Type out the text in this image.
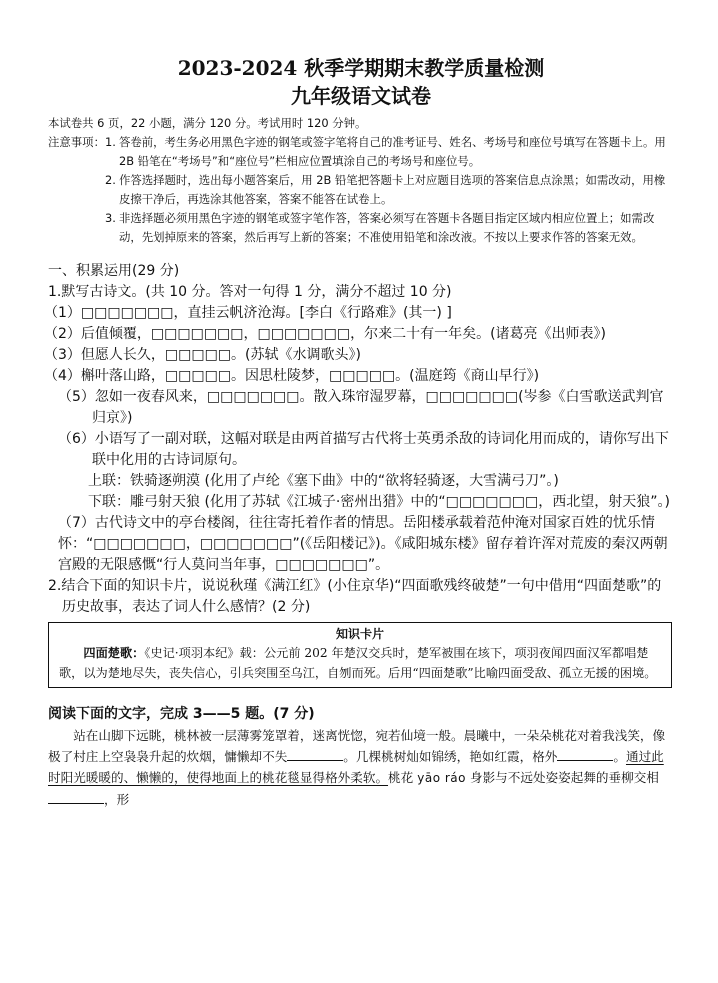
2023-2024 秋季学期期末教学质量检测
九年级语文试卷
本试卷共 6 页，22 小题，满分 120 分。考试用时 120 分钟。
注意事项： 1. 答卷前，考生务必用黑色字迹的钢笔或签字笔将自己的准考证号、姓名、考场号和座位号填写在答题卡上。用 2B 铅笔在“考场号”和“座位号”栏相应位置填涂自己的考场号和座位号。
2. 作答选择题时，选出每小题答案后，用 2B 铅笔把答题卡上对应题目选项的答案信息点涂黑；如需改动，用橡皮擦干净后，再选涂其他答案，答案不能答在试卷上。
3. 非选择题必须用黑色字迹的钢笔或签字笔作答，答案必须写在答题卡各题目指定区域内相应位置上；如需改动，先划掉原来的答案，然后再写上新的答案；不准使用铅笔和涂改液。不按以上要求作答的答案无效。
一、积累运用(29 分)
1.默写古诗文。(共 10 分。答对一句得 1 分，满分不超过 10 分)
（1）□□□□□□□，直挂云帆济沧海。[李白《行路难》(其一) ]
（2）后值倾覆，□□□□□□□，□□□□□□□，尔来二十有一年矣。(诸葛亮《出师表》)
（3）但愿人长久，□□□□□。(苏轼《水调歌头》)
（4）槲叶落山路，□□□□□。因思杜陵梦，□□□□□。(温庭筠《商山早行》)
（5）忽如一夜春风来，□□□□□□□。散入珠帘湿罗幕，□□□□□□□(岑参《白雪歌送武判官归京》)
（6）小语写了一副对联，这幅对联是由两首描写古代将士英勇杀敌的诗词化用而成的，请你写出下联中化用的古诗词原句。
上联：铁骑逐朔漠 (化用了卢纶《塞下曲》中的“欲将轻骑逐，大雪满弓刀”。)
下联：雕弓射天狼 (化用了苏轼《江城子·密州出猎》中的“□□□□□□□，西北望，射天狼”。)
（7）古代诗文中的亭台楼阁，往往寄托着作者的情思。岳阳楼承载着范仲淹对国家百姓的忧乐情怀：“□□□□□□□，□□□□□□□”(《岳阳楼记》)。《咸阳城东楼》留存着许浑对荒废的秦汉两朝宫殿的无限感慨“行人莫问当年事，□□□□□□□”。
2.结合下面的知识卡片，说说秋瑾《满江红》(小住京华)“四面歌残终破楚”一句中借用“四面楚歌”的历史故事，表达了词人什么感情？(2 分)
知识卡片
四面楚歌：《史记·项羽本纪》载：公元前 202 年楚汉交兵时，楚军被围在垓下，项羽夜闻四面汉军都唱楚歌，以为楚地尽失，丧失信心，引兵突围至乌江，自刎而死。后用“四面楚歌”比喻四面受敌、孤立无援的困境。
阅读下面的文字，完成 3——5 题。(7 分)
站在山脚下远眺，桃林被一层薄雾笼罩着，迷离恍惚，宛若仙境一般。晨曦中，一朵朵桃花对着我浅笑，像极了村庄上空袅袅升起的炊烟，慵懒却不失	。几棵桃树灿如锦绣，艳如红霞，格外	。通过此时阳光暖暖的、懒懒的，使得地面上的桃花毯显得格外柔软。桃花 yāo ráo 身影与不远处姿姿起舞的垂柳交相，形
